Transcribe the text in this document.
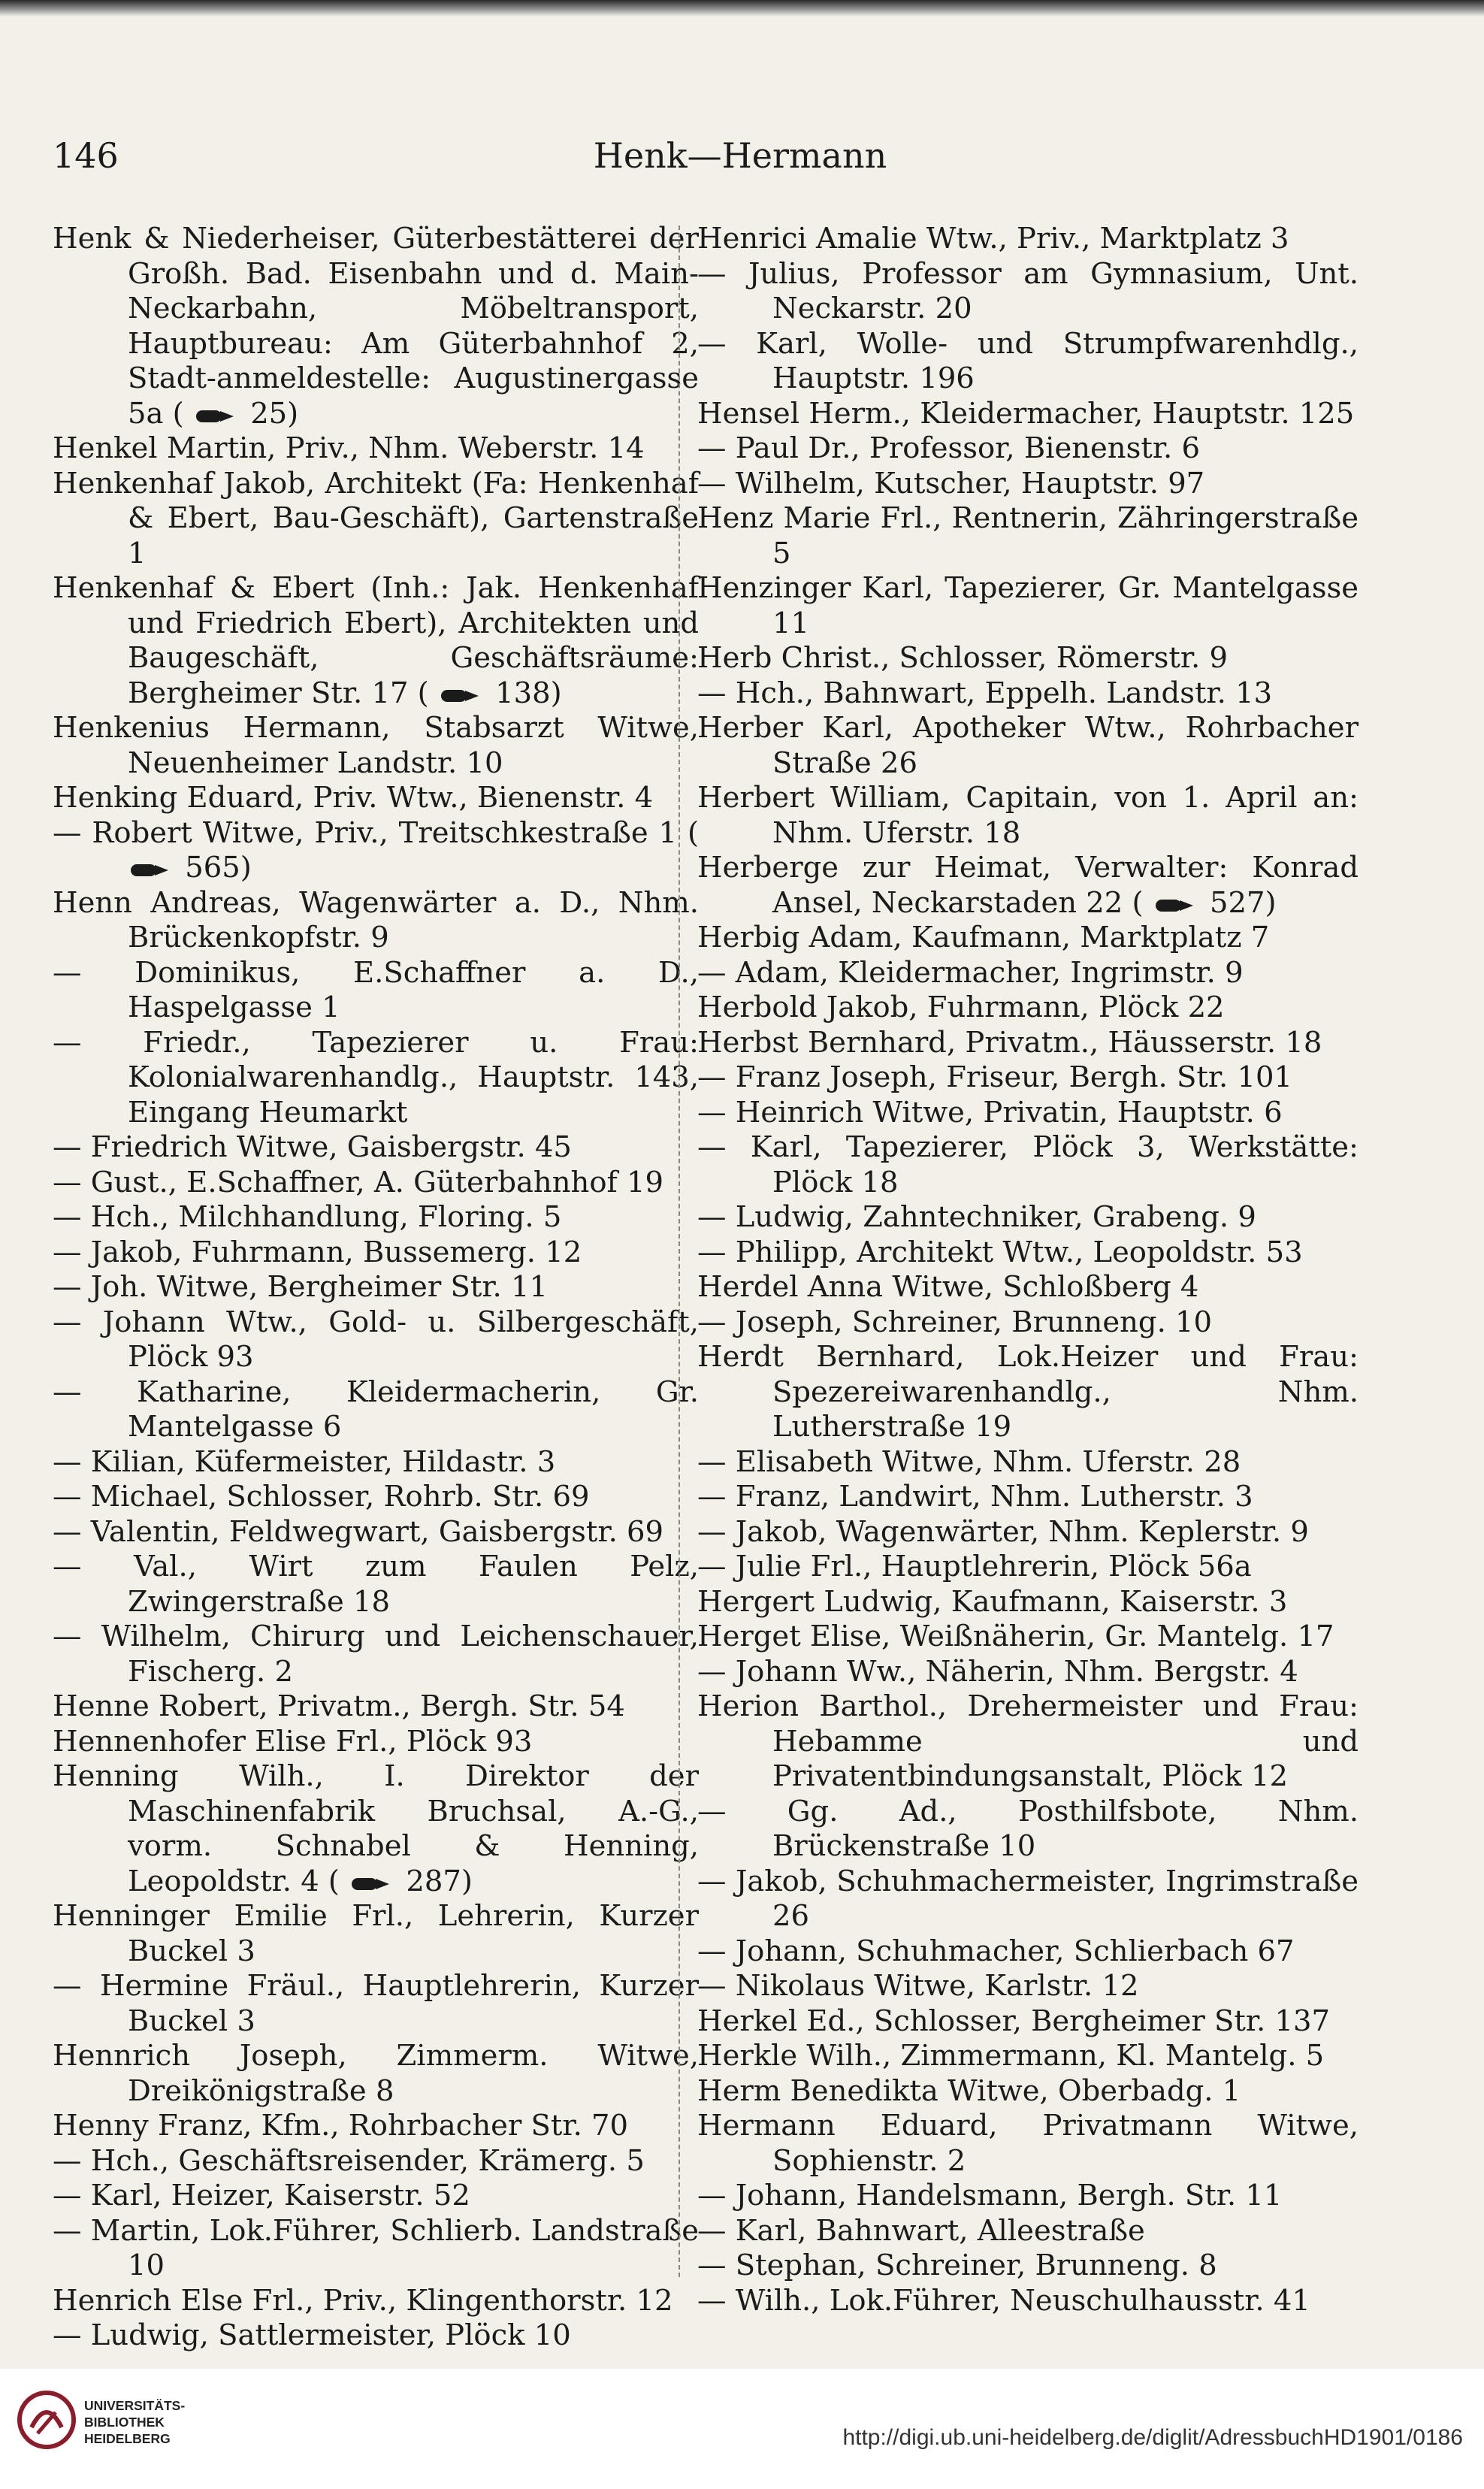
146	Henk—Hermann

Henk & Niederheiser, Güterbestätterei der Großh. Bad. Eisenbahn und d. Main-Neckarbahn, Möbeltransport, Hauptbureau: Am Güterbahnhof 2, Stadt-anmeldestelle: Augustinergasse 5a (  25)

Henkel Martin, Priv., Nhm. Weberstr. 14

Henkenhaf Jakob, Architekt (Fa: Henkenhaf & Ebert, Bau-Geschäft), Gartenstraße 1

Henkenhaf & Ebert (Inh.: Jak. Henkenhaf und Friedrich Ebert), Architekten und Baugeschäft, Geschäftsräume: Bergheimer Str. 17 (  138)

Henkenius Hermann, Stabsarzt Witwe, Neuenheimer Landstr. 10

Henking Eduard, Priv. Wtw., Bienenstr. 4

— Robert Witwe, Priv., Treitschkestraße 1 (  565)

Henn Andreas, Wagenwärter a. D., Nhm. Brückenkopfstr. 9

— Dominikus, E.Schaffner a. D., Haspelgasse 1

— Friedr., Tapezierer u. Frau: Kolonialwarenhandlg., Hauptstr. 143, Eingang Heumarkt

— Friedrich Witwe, Gaisbergstr. 45

— Gust., E.Schaffner, A. Güterbahnhof 19

— Hch., Milchhandlung, Floring. 5

— Jakob, Fuhrmann, Bussemerg. 12

— Joh. Witwe, Bergheimer Str. 11

— Johann Wtw., Gold- u. Silbergeschäft, Plöck 93

— Katharine, Kleidermacherin, Gr. Mantelgasse 6

— Kilian, Küfermeister, Hildastr. 3

— Michael, Schlosser, Rohrb. Str. 69

— Valentin, Feldwegwart, Gaisbergstr. 69

— Val., Wirt zum Faulen Pelz, Zwingerstraße 18

— Wilhelm, Chirurg und Leichenschauer, Fischerg. 2

Henne Robert, Privatm., Bergh. Str. 54

Hennenhofer Elise Frl., Plöck 93

Henning Wilh., I. Direktor der Maschinenfabrik Bruchsal, A.-G., vorm. Schnabel & Henning, Leopoldstr. 4 (  287)

Henninger Emilie Frl., Lehrerin, Kurzer Buckel 3

— Hermine Fräul., Hauptlehrerin, Kurzer Buckel 3

Hennrich Joseph, Zimmerm. Witwe, Dreikönigstraße 8

Henny Franz, Kfm., Rohrbacher Str. 70

— Hch., Geschäftsreisender, Krämerg. 5

— Karl, Heizer, Kaiserstr. 52

— Martin, Lok.Führer, Schlierb. Landstraße 10

Henrich Else Frl., Priv., Klingenthorstr. 12

— Ludwig, Sattlermeister, Plöck 10

Henrici Amalie Wtw., Priv., Marktplatz 3

— Julius, Professor am Gymnasium, Unt. Neckarstr. 20

— Karl, Wolle- und Strumpfwarenhdlg., Hauptstr. 196

Hensel Herm., Kleidermacher, Hauptstr. 125

— Paul Dr., Professor, Bienenstr. 6

— Wilhelm, Kutscher, Hauptstr. 97

Henz Marie Frl., Rentnerin, Zähringerstraße 5

Henzinger Karl, Tapezierer, Gr. Mantelgasse 11

Herb Christ., Schlosser, Römerstr. 9

— Hch., Bahnwart, Eppelh. Landstr. 13

Herber Karl, Apotheker Wtw., Rohrbacher Straße 26

Herbert William, Capitain, von 1. April an: Nhm. Uferstr. 18

Herberge zur Heimat, Verwalter: Konrad Ansel, Neckarstaden 22 (  527)

Herbig Adam, Kaufmann, Marktplatz 7

— Adam, Kleidermacher, Ingrimstr. 9

Herbold Jakob, Fuhrmann, Plöck 22

Herbst Bernhard, Privatm., Häusserstr. 18

— Franz Joseph, Friseur, Bergh. Str. 101

— Heinrich Witwe, Privatin, Hauptstr. 6

— Karl, Tapezierer, Plöck 3, Werkstätte: Plöck 18

— Ludwig, Zahntechniker, Grabeng. 9

— Philipp, Architekt Wtw., Leopoldstr. 53

Herdel Anna Witwe, Schloßberg 4

— Joseph, Schreiner, Brunneng. 10

Herdt Bernhard, Lok.Heizer und Frau: Spezereiwarenhandlg., Nhm. Lutherstraße 19

— Elisabeth Witwe, Nhm. Uferstr. 28

— Franz, Landwirt, Nhm. Lutherstr. 3

— Jakob, Wagenwärter, Nhm. Keplerstr. 9

— Julie Frl., Hauptlehrerin, Plöck 56a

Hergert Ludwig, Kaufmann, Kaiserstr. 3

Herget Elise, Weißnäherin, Gr. Mantelg. 17

— Johann Ww., Näherin, Nhm. Bergstr. 4

Herion Barthol., Drehermeister und Frau: Hebamme und Privatentbindungsanstalt, Plöck 12

— Gg. Ad., Posthilfsbote, Nhm. Brückenstraße 10

— Jakob, Schuhmachermeister, Ingrimstraße 26

— Johann, Schuhmacher, Schlierbach 67

— Nikolaus Witwe, Karlstr. 12

Herkel Ed., Schlosser, Bergheimer Str. 137

Herkle Wilh., Zimmermann, Kl. Mantelg. 5

Herm Benedikta Witwe, Oberbadg. 1

Hermann Eduard, Privatmann Witwe, Sophienstr. 2

— Johann, Handelsmann, Bergh. Str. 11

— Karl, Bahnwart, Alleestraße

— Stephan, Schreiner, Brunneng. 8

— Wilh., Lok.Führer, Neuschulhausstr. 41

UNIVERSITÄTS-
BIBLIOTHEK
HEIDELBERG	http://digi.ub.uni-heidelberg.de/diglit/AdressbuchHD1901/0186
